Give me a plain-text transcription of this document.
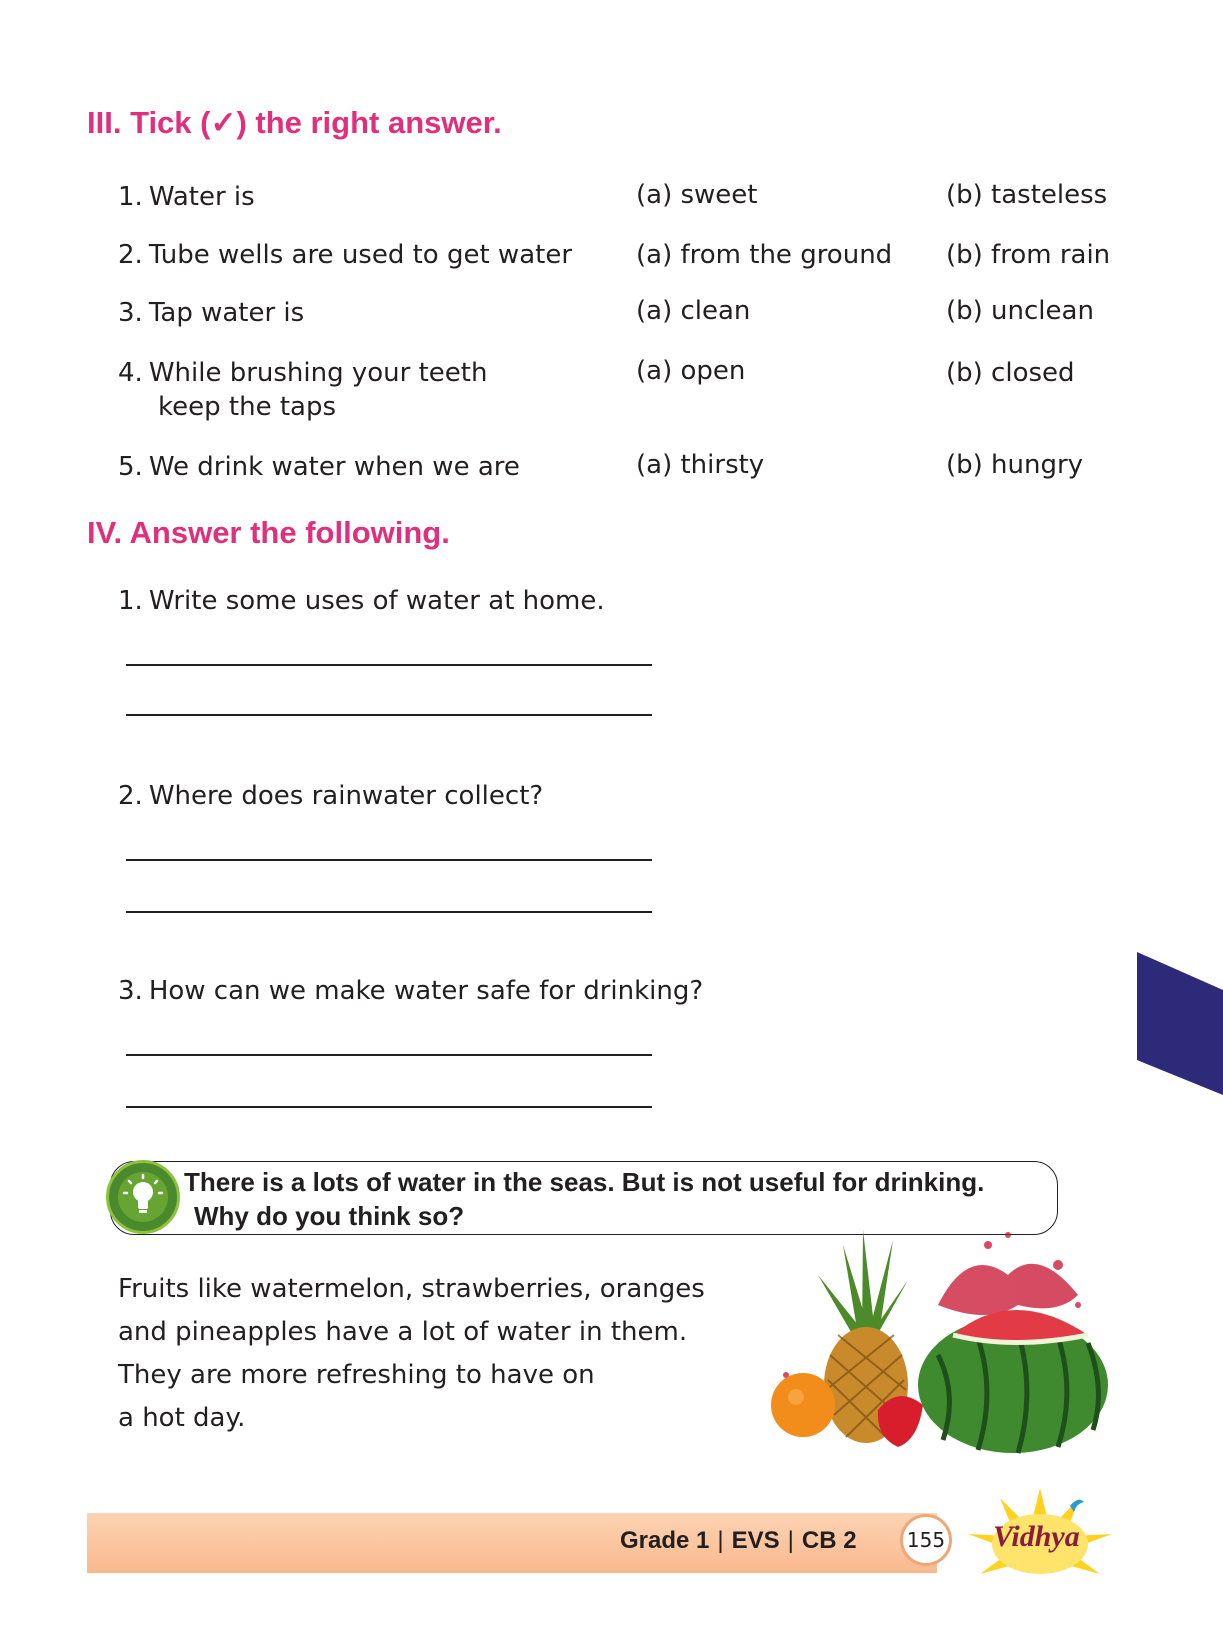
III. Tick (✓) the right answer.
1. Water is	(a) sweet	(b) tasteless
2. Tube wells are used to get water (a) from the ground (b) from rain
3. Tap water is	(a) clean	(b) unclean
4. While brushing your teeth
keep the taps
(a) open	(b) closed
5. We drink water when we are	(a) thirsty	(b) hungry
IV. Answer the following.
1. Write some uses of water at home.
2. Where does rainwater collect?
3. How can we make water safe for drinking?
There is a lots of water in the seas. But is not useful for drinking.
Why do you think so?
Fruits like watermelon, strawberries, oranges
and pineapples have a lot of water in them.
They are more refreshing to have on
a hot day.
Grade 1 | EVS | CB 2	155 Vidhya
